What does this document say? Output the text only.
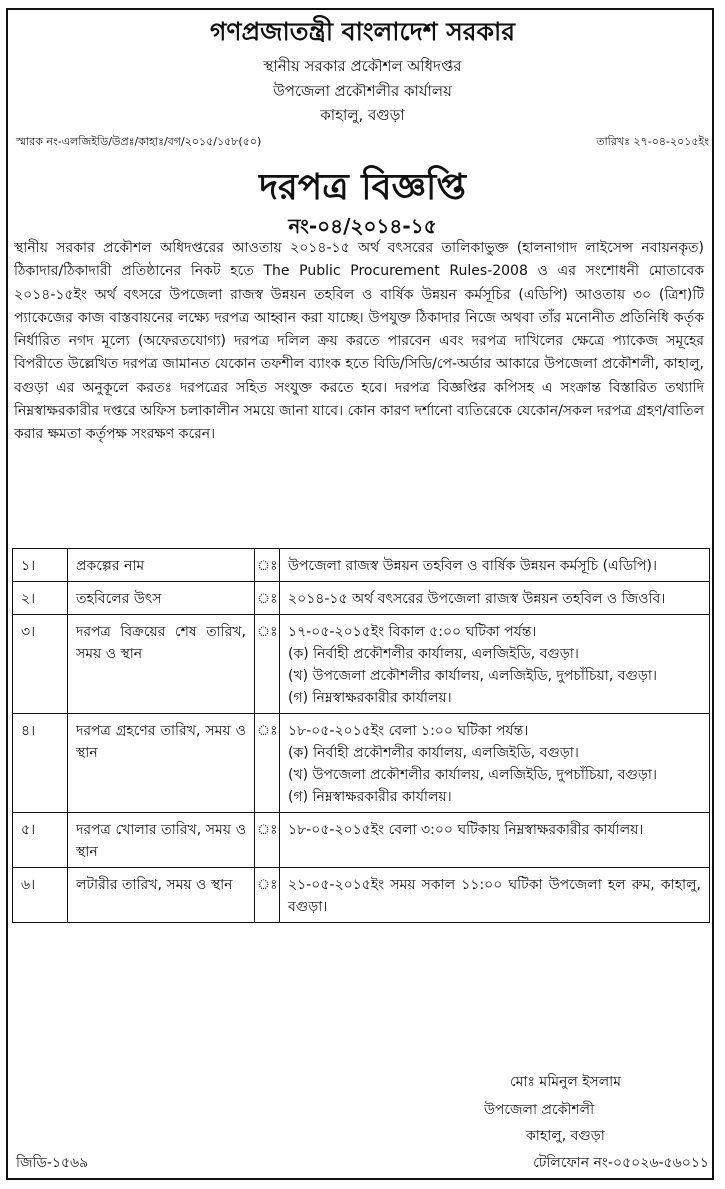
গণপ্রজাতন্ত্রী বাংলাদেশ সরকার
স্থানীয় সরকার প্রকৌশল অধিদপ্তর
উপজেলা প্রকৌশলীর কার্যালয়
কাহালু, বগুড়া
স্মারক নং-এলজিইডি/উপ্রঃ/কাহাঃ/বগ/২০১৫/১৫৮(৫০)	তারিখঃ ২৭-০৪-২০১৫ইং
দরপত্র বিজ্ঞপ্তি
নং-০৪/২০১৪-১৫

স্থানীয় সরকার প্রকৌশল অধিদপ্তরের আওতায় ২০১৪-১৫ অর্থ বৎসরের তালিকাভুক্ত (হালনাগাদ লাইসেন্স নবায়নকৃত) ঠিকাদার/ঠিকাদারী প্রতিষ্ঠানের নিকট হতে The Public Procurement Rules-2008 ও এর সংশোধনী মোতাবেক ২০১৪-১৫ইং অর্থ বৎসরে উপজেলা রাজস্ব উন্নয়ন তহবিল ও বার্ষিক উন্নয়ন কর্মসূচির (এডিপি) আওতায় ৩০ (ত্রিশ)টি প্যাকেজের কাজ বাস্তবায়নের লক্ষ্যে দরপত্র আহ্বান করা যাচ্ছে। উপযুক্ত ঠিকাদার নিজে অথবা তাঁর মনোনীত প্রতিনিধি কর্তৃক নির্ধারিত নগদ মূল্যে (অফেরতযোগ্য) দরপত্র দলিল ক্রয় করতে পারবেন এবং দরপত্র দাখিলের ক্ষেত্রে প্যাকেজ সমূহের বিপরীতে উল্লেখিত দরপত্র জামানত যেকোন তফশীল ব্যাংক হতে বিডি/সিডি/পে-অর্ডার আকারে উপজেলা প্রকৌশলী, কাহালু, বগুড়া এর অনুকূলে করতঃ দরপত্রের সহিত সংযুক্ত করতে হবে। দরপত্র বিজ্ঞপ্তির কপিসহ এ সংক্রান্ত বিস্তারিত তথ্যাদি নিম্নস্বাক্ষরকারীর দপ্তরে অফিস চলাকালীন সময়ে জানা যাবে। কোন কারণ দর্শানো ব্যতিরেকে যেকোন/সকল দরপত্র গ্রহণ/বাতিল করার ক্ষমতা কর্তৃপক্ষ সংরক্ষণ করেন।

১।	প্রকল্পের নাম	ঃ	উপজেলা রাজস্ব উন্নয়ন তহবিল ও বার্ষিক উন্নয়ন কর্মসূচি (এডিপি)।

২।	তহবিলের উৎস	ঃ	২০১৪-১৫ অর্থ বৎসরের উপজেলা রাজস্ব উন্নয়ন তহবিল ও জিওবি।

৩।	দরপত্র বিক্রয়ের শেষ তারিখ, সময় ও স্থান	ঃ	১৭-০৫-২০১৫ইং বিকাল ৫:০০ ঘটিকা পর্যন্ত।
(ক) নির্বাহী প্রকৌশলীর কার্যালয়, এলজিইডি, বগুড়া।
(খ) উপজেলা প্রকৌশলীর কার্যালয়, এলজিইডি, দুপচাঁচিয়া, বগুড়া।
(গ) নিম্নস্বাক্ষরকারীর কার্যালয়।

৪।	দরপত্র গ্রহণের তারিখ, সময় ও স্থান	ঃ	১৮-০৫-২০১৫ইং বেলা ১:০০ ঘটিকা পর্যন্ত।
(ক) নির্বাহী প্রকৌশলীর কার্যালয়, এলজিইডি, বগুড়া।
(খ) উপজেলা প্রকৌশলীর কার্যালয়, এলজিইডি, দুপচাঁচিয়া, বগুড়া।
(গ) নিম্নস্বাক্ষরকারীর কার্যালয়।

৫।	দরপত্র খোলার তারিখ, সময় ও স্থান	ঃ	১৮-০৫-২০১৫ইং বেলা ৩:০০ ঘটিকায় নিম্নস্বাক্ষরকারীর কার্যালয়।

৬।	লটারীর তারিখ, সময় ও স্থান	ঃ	২১-০৫-২০১৫ইং সময় সকাল ১১:০০ ঘটিকা উপজেলা হল রুম, কাহালু, বগুড়া।
মোঃ মমিনুল ইসলাম
উপজেলা প্রকৌশলী
কাহালু, বগুড়া
জিডি-১৫৬৯	টেলিফোন নং-০৫০২৬-৫৬০১১
